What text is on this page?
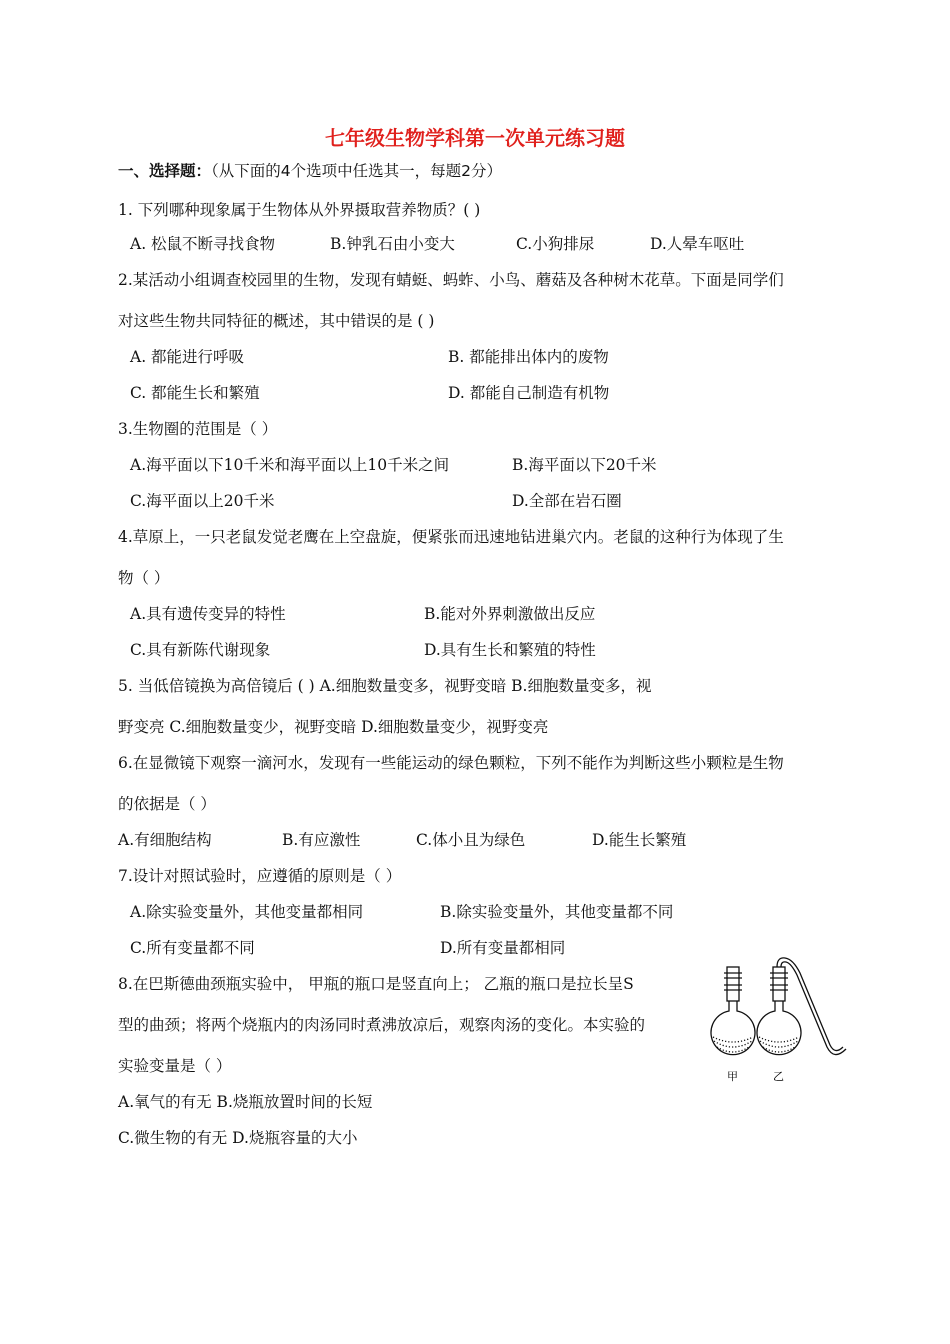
七年级生物学科第一次单元练习题
一、选择题：（从下面的4个选项中任选其一，每题2分）
1. 下列哪种现象属于生物体从外界摄取营养物质？( )
A. 松鼠不断寻找食物	B.钟乳石由小变大	C.小狗排尿	D.人晕车呕吐
2.某活动小组调查校园里的生物，发现有蜻蜓、蚂蚱、小鸟、蘑菇及各种树木花草。下面是同学们
对这些生物共同特征的概述，其中错误的是 ( )
A. 都能进行呼吸	B. 都能排出体内的废物
C. 都能生长和繁殖	D. 都能自己制造有机物
3.生物圈的范围是（ ）
A.海平面以下10千米和海平面以上10千米之间	B.海平面以下20千米
C.海平面以上20千米	D.全部在岩石圈
4.草原上，一只老鼠发觉老鹰在上空盘旋，便紧张而迅速地钻进巢穴内。老鼠的这种行为体现了生
物（ ）
A.具有遗传变异的特性	B.能对外界刺激做出反应
C.具有新陈代谢现象	D.具有生长和繁殖的特性
5. 当低倍镜换为高倍镜后 ( ) A.细胞数量变多，视野变暗 B.细胞数量变多，视
野变亮 C.细胞数量变少，视野变暗 D.细胞数量变少，视野变亮
6.在显微镜下观察一滴河水，发现有一些能运动的绿色颗粒，下列不能作为判断这些小颗粒是生物
的依据是（ ）
A.有细胞结构	B.有应激性	C.体小且为绿色	D.能生长繁殖
7.设计对照试验时，应遵循的原则是（ ）
A.除实验变量外，其他变量都相同	B.除实验变量外，其他变量都不同
C.所有变量都不同	D.所有变量都相同
8.在巴斯德曲颈瓶实验中， 甲瓶的瓶口是竖直向上； 乙瓶的瓶口是拉长呈S
型的曲颈；将两个烧瓶内的肉汤同时煮沸放凉后，观察肉汤的变化。本实验的
实验变量是（ ）
A.氧气的有无 B.烧瓶放置时间的长短
C.微生物的有无 D.烧瓶容量的大小
甲	乙
